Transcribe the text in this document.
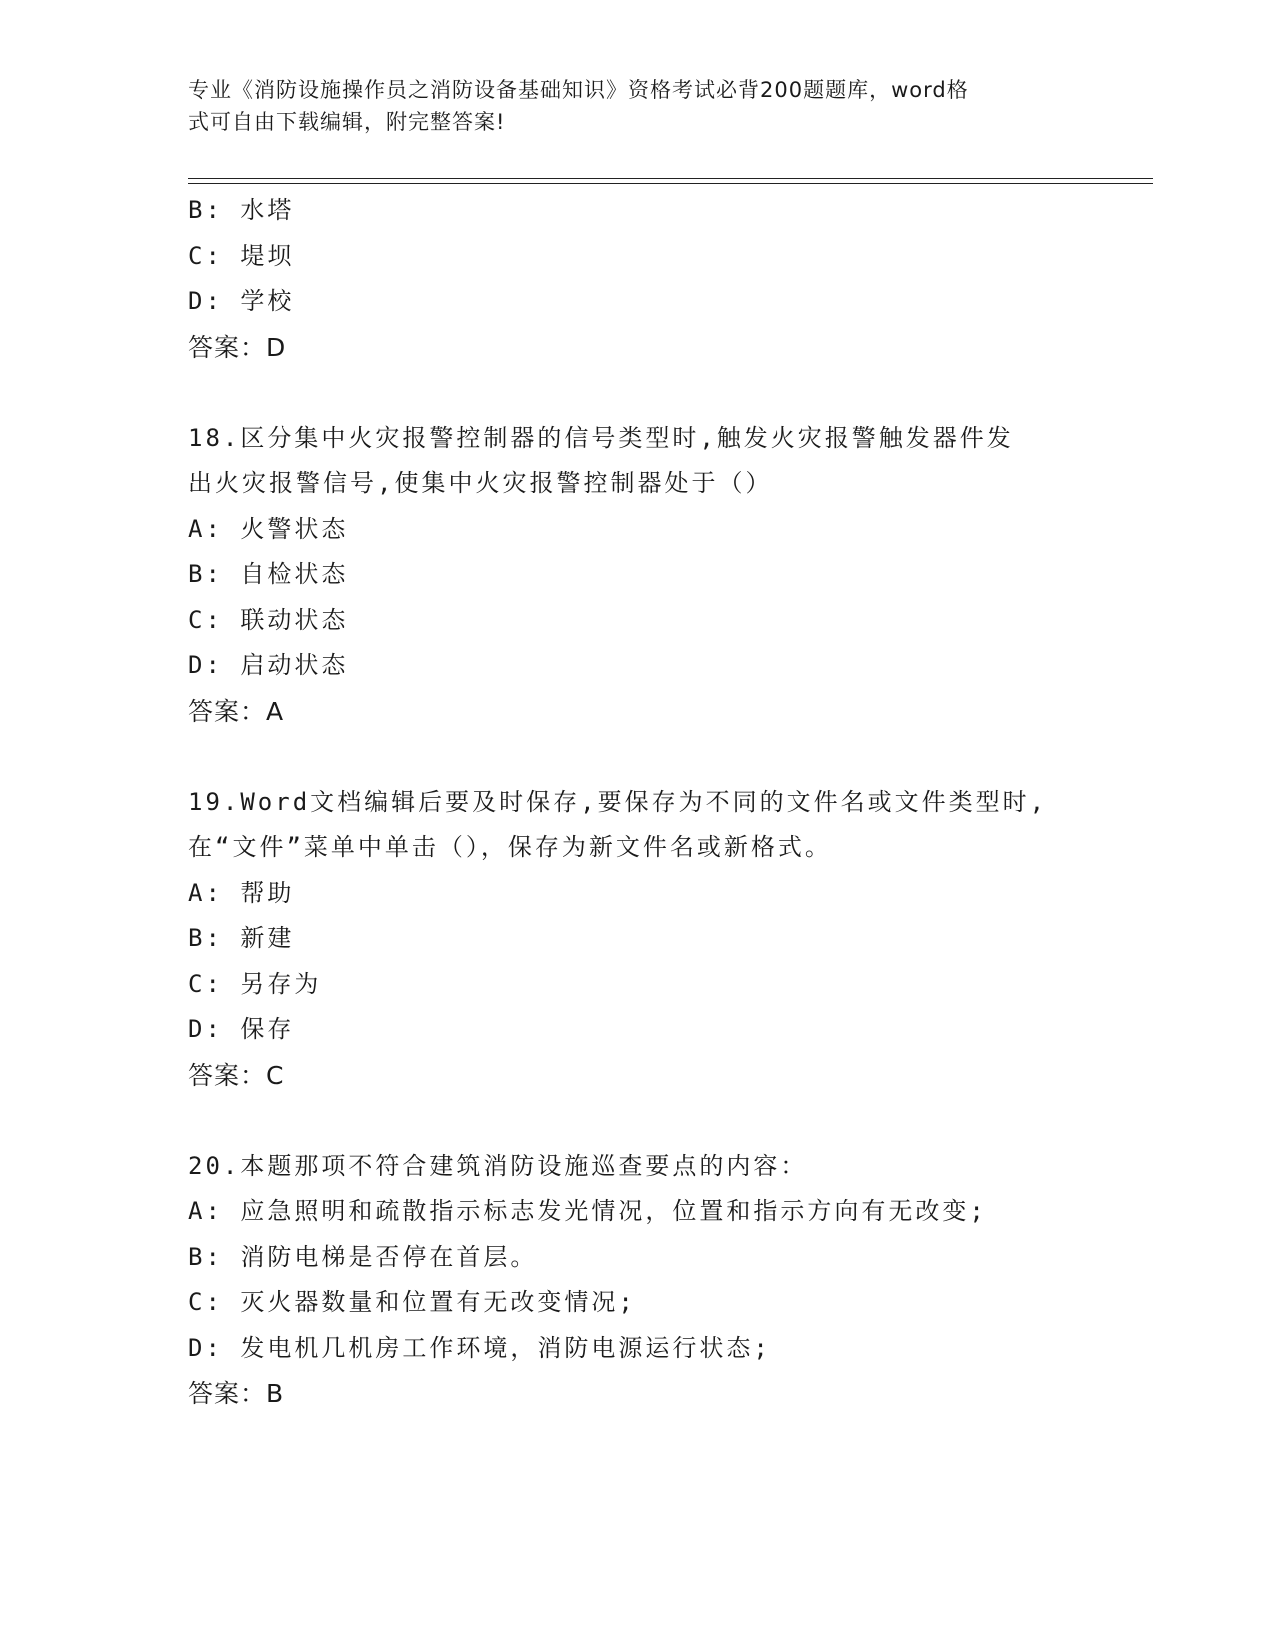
专业《消防设施操作员之消防设备基础知识》资格考试必背200题题库，word格
式可自由下载编辑，附完整答案!
B: 水塔
C: 堤坝
D: 学校
答案：D
18.区分集中火灾报警控制器的信号类型时,触发火灾报警触发器件发
出火灾报警信号,使集中火灾报警控制器处于（）
A: 火警状态
B: 自检状态
C: 联动状态
D: 启动状态
答案：A
19.Word文档编辑后要及时保存,要保存为不同的文件名或文件类型时,
在“文件”菜单中单击（），保存为新文件名或新格式。
A: 帮助
B: 新建
C: 另存为
D: 保存
答案：C
20.本题那项不符合建筑消防设施巡查要点的内容：
A: 应急照明和疏散指示标志发光情况，位置和指示方向有无改变;
B: 消防电梯是否停在首层。
C: 灭火器数量和位置有无改变情况;
D: 发电机几机房工作环境，消防电源运行状态;
答案：B
